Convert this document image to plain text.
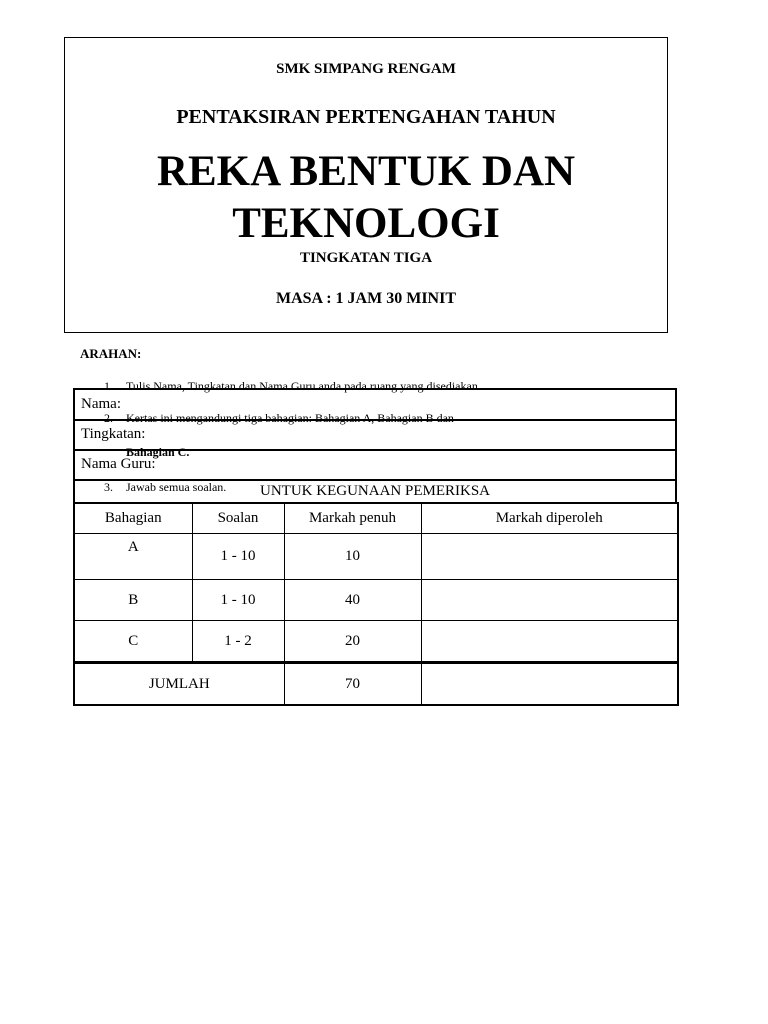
SMK SIMPANG RENGAM
PENTAKSIRAN PERTENGAHAN TAHUN
REKA BENTUK DAN
TEKNOLOGI
TINGKATAN TIGA
MASA : 1 JAM 30 MINIT
ARAHAN:
1. Tulis Nama, Tingkatan dan Nama Guru anda pada ruang yang disediakan.
2. Kertas ini mengandungi tiga bahagian: Bahagian A, Bahagian B dan
Bahagian C.
3. Jawab semua soalan.
Nama:
Tingkatan:
Nama Guru:
UNTUK KEGUNAAN PEMERIKSA
Bahagian	Soalan	Markah penuh	Markah diperoleh
A	1 - 10	10	
B	1 - 10	40	
C	1 - 2	20	
JUMLAH		70	
